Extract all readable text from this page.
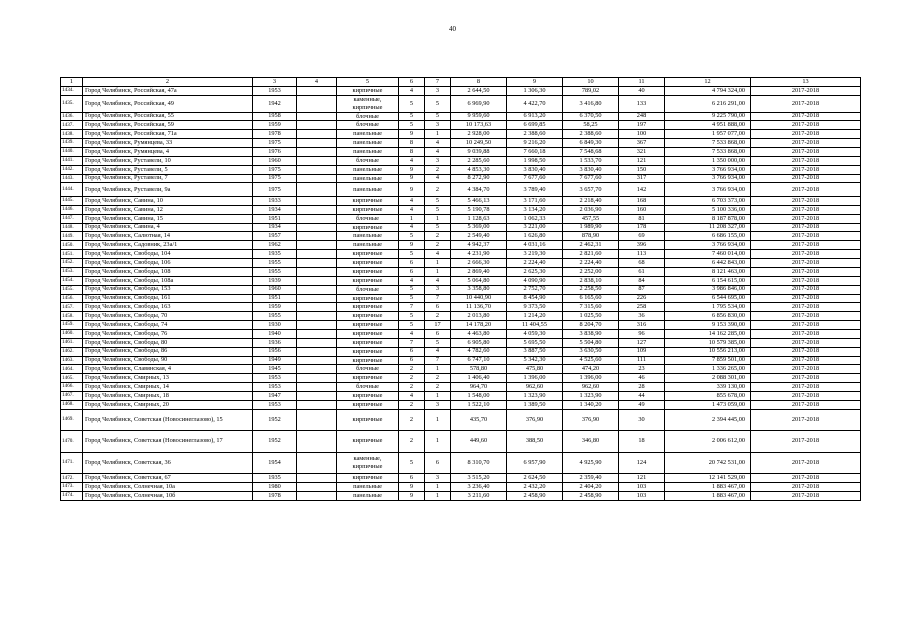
40
1	2	3	4	5	6	7	8	9	10	11	12	13
1434.	Город Челябинск, Российская, 47а	1953		кирпичные	4	3	2 644,50	1 306,30	789,02	40	4 794 324,00	2017-2018
1435.	Город Челябинск, Российская, 49	1942		каменные, кирпичные	5	5	6 969,90	4 422,70	3 416,80	133	6 216 291,00	2017-2018
1436.	Город Челябинск, Российская, 55	1958		блочные	5	5	9 959,60	6 913,20	6 370,50	248	9 225 790,00	2017-2018
1437.	Город Челябинск, Российская, 59	1959		блочные	5	3	10 173,63	6 699,85	58,25	197	4 951 888,00	2017-2018
1438.	Город Челябинск, Российская, 71а	1978		панельные	9	1	2 928,00	2 388,60	2 388,60	100	1 957 077,00	2017-2018
1439.	Город Челябинск, Румянцева, 33	1975		панельные	8	4	10 249,50	9 216,20	6 849,30	367	7 533 868,00	2017-2018
1440.	Город Челябинск, Румянцева, 4	1976		панельные	8	4	9 039,88	7 660,18	7 548,68	321	7 533 868,00	2017-2018
1441.	Город Челябинск, Руставели, 10	1960		блочные	4	3	2 285,60	1 998,50	1 533,70	121	1 350 000,00	2017-2018
1442.	Город Челябинск, Руставели, 5	1975		панельные	9	2	4 853,30	3 830,40	3 830,40	150	3 766 934,00	2017-2018
1443.	Город Челябинск, Руставели, 7	1975		панельные	9	4	8 272,90	7 677,60	7 677,60	317	3 766 934,00	2017-2018
1444.	Город Челябинск, Руставели, 9а	1975		панельные	9	2	4 384,70	3 789,40	3 657,70	142	3 766 934,00	2017-2018
1445.	Город Челябинск, Савина, 10	1933		кирпичные	4	5	5 466,13	3 171,60	2 218,40	168	6 703 373,00	2017-2018
1446.	Город Челябинск, Савина, 12	1934		кирпичные	4	5	5 190,78	3 134,20	2 036,90	160	5 100 336,00	2017-2018
1447.	Город Челябинск, Савина, 15	1951		блочные	1	1	1 128,63	1 062,33	457,55	81	8 187 878,00	2017-2018
1448.	Город Челябинск, Савина, 4	1934		кирпичные	4	5	5 369,00	3 221,00	1 989,90	178	11 208 327,00	2017-2018
1449.	Город Челябинск, Салютная, 14	1957		панельные	5	2	2 549,40	1 626,80	878,90	69	6 686 155,00	2017-2018
1450.	Город Челябинск, Садовник, 23а/1	1962		панельные	9	2	4 942,37	4 031,16	2 462,31	396	3 766 934,00	2017-2018
1451.	Город Челябинск, Свободы, 104	1935		кирпичные	5	4	4 231,90	3 219,30	2 821,60	113	7 460 014,00	2017-2018
1452.	Город Челябинск, Свободы, 106	1955		кирпичные	6	1	2 666,30	2 224,40	2 224,40	68	6 442 843,00	2017-2018
1453.	Город Челябинск, Свободы, 108	1955		кирпичные	6	1	2 869,40	2 625,30	2 252,00	61	8 121 463,00	2017-2018
1454.	Город Челябинск, Свободы, 108а	1939		кирпичные	4	4	5 064,80	4 090,90	2 838,10	84	6 154 615,00	2017-2018
1455.	Город Челябинск, Свободы, 153	1960		блочные	5	3	3 358,80	2 752,70	2 258,50	87	3 986 846,00	2017-2018
1456.	Город Челябинск, Свободы, 161	1951		кирпичные	5	7	10 440,90	8 454,90	6 165,60	226	6 544 695,00	2017-2018
1457.	Город Челябинск, Свободы, 163	1959		кирпичные	7	6	11 136,70	9 373,50	7 315,60	258	1 795 534,00	2017-2018
1458.	Город Челябинск, Свободы, 70	1955		кирпичные	5	2	2 013,80	1 214,20	1 025,50	36	6 856 830,00	2017-2018
1459.	Город Челябинск, Свободы, 74	1930		кирпичные	5	17	14 178,20	11 404,55	8 204,70	316	9 153 390,00	2017-2018
1460.	Город Челябинск, Свободы, 76	1940		кирпичные	4	6	4 463,80	4 059,30	3 838,90	96	14 162 285,00	2017-2018
1461.	Город Челябинск, Свободы, 80	1936		кирпичные	7	5	6 905,80	5 695,50	5 504,80	127	10 579 385,00	2017-2018
1462.	Город Челябинск, Свободы, 86	1956		кирпичные	6	4	4 782,60	3 887,50	3 630,50	109	10 556 213,00	2017-2018
1463.	Город Челябинск, Свободы, 90	1949		кирпичные	6	7	6 747,10	5 342,30	4 525,60	111	7 859 501,00	2017-2018
1464.	Город Челябинск, Славянская, 4	1945		блочные	2	1	578,80	475,80	474,20	23	1 336 265,00	2017-2018
1465.	Город Челябинск, Смирных, 13	1953		кирпичные	2	2	1 406,40	1 396,00	1 396,00	46	2 088 301,00	2017-2018
1466.	Город Челябинск, Смирных, 14	1953		блочные	2	2	964,70	962,60	962,60	28	339 130,00	2017-2018
1467.	Город Челябинск, Смирных, 18	1947		кирпичные	4	1	1 548,00	1 323,90	1 323,90	44	855 678,00	2017-2018
1468.	Город Челябинск, Смирных, 20	1953		кирпичные	2	3	1 522,10	1 389,50	1 340,20	49	1 473 059,00	2017-2018
1469.	Город Челябинск, Советская (Новосинеглазово), 15	1952		кирпичные	2	1	435,70	376,90	376,90	30	2 394 445,00	2017-2018
1470.	Город Челябинск, Советская (Новосинеглазово), 17	1952		кирпичные	2	1	449,60	388,50	346,80	18	2 006 612,00	2017-2018
1471.	Город Челябинск, Советская, 36	1954		каменные, кирпичные	5	6	8 310,70	6 957,90	4 925,90	124	20 742 531,00	2017-2018
1472.	Город Челябинск, Советская, 67	1935		кирпичные	6	3	3 515,20	2 624,50	2 359,40	121	12 141 529,00	2017-2018
1473.	Город Челябинск, Солнечная, 10а	1980		панельные	9	1	3 236,40	2 432,20	2 404,20	103	1 883 467,00	2017-2018
1474.	Город Челябинск, Солнечная, 10б	1978		панельные	9	1	3 211,60	2 458,90	2 458,90	103	1 883 467,00	2017-2018
